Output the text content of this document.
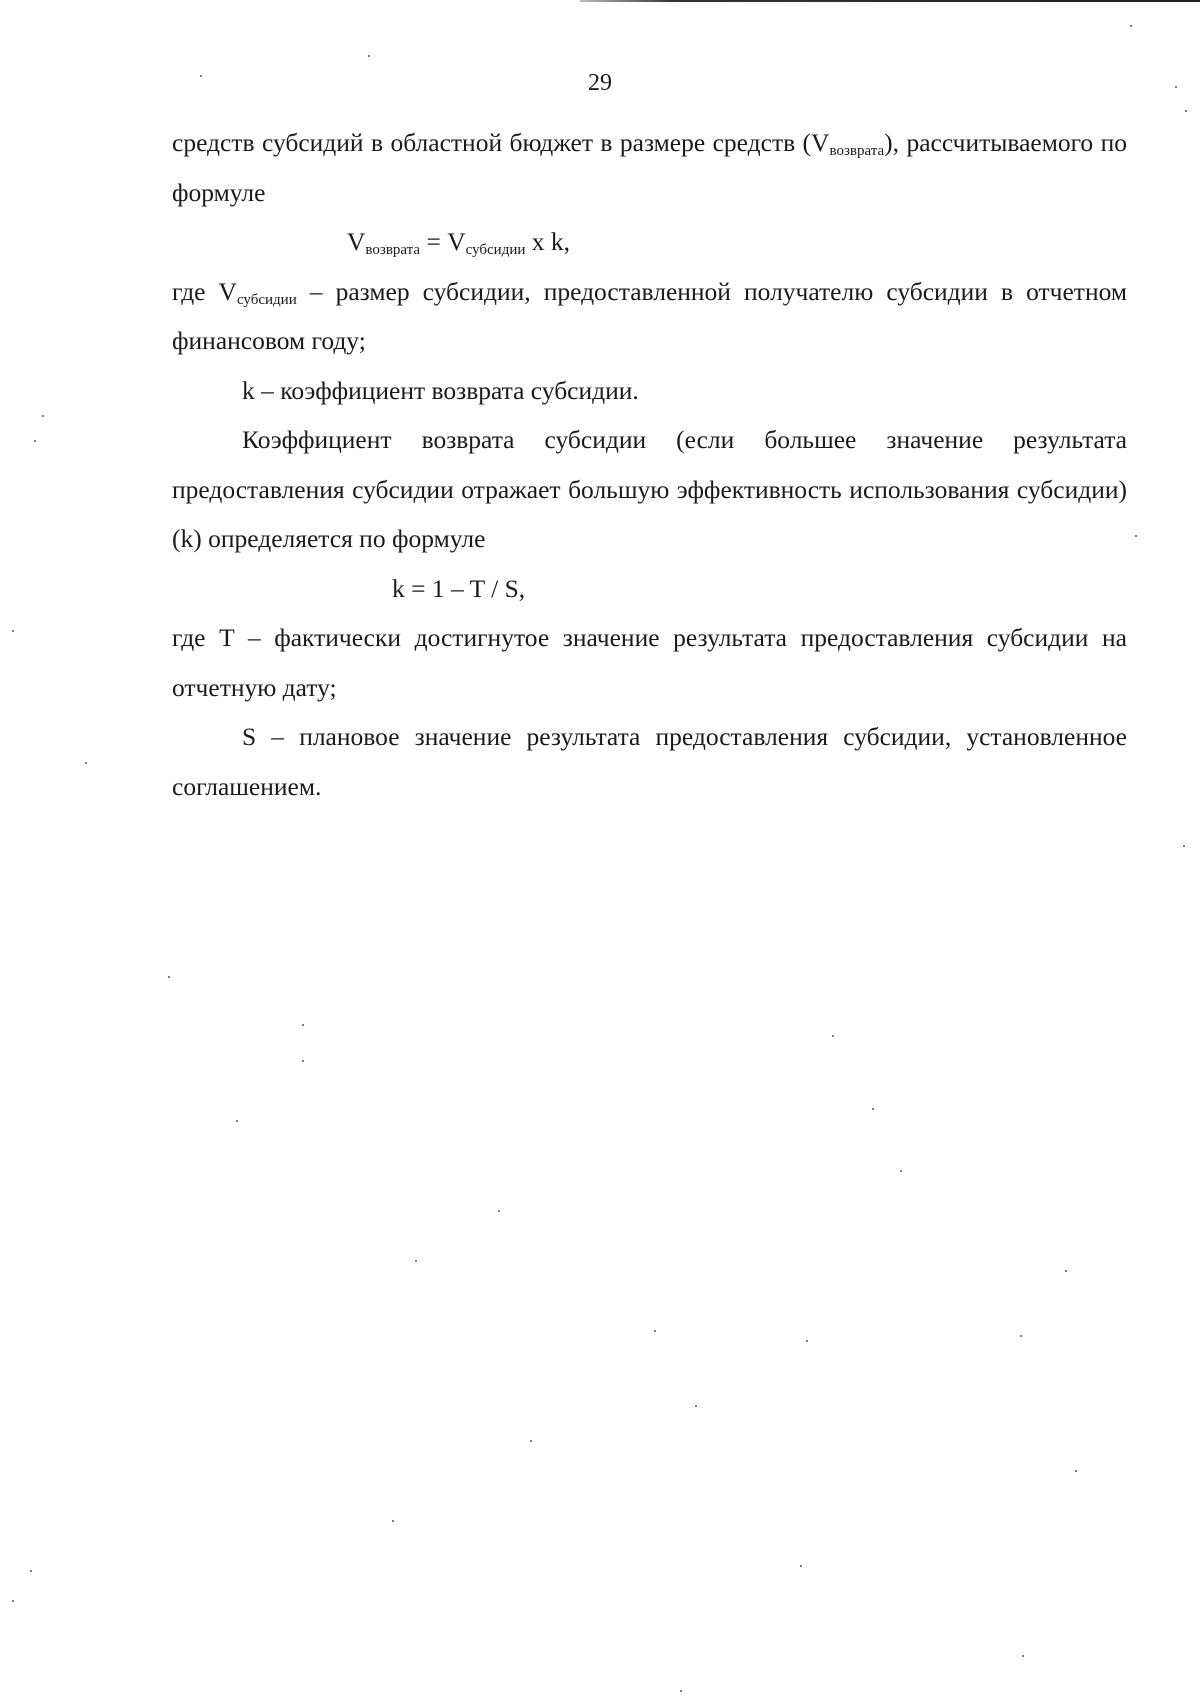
29

средств субсидий в областной бюджет в размере средств $(V_{возврата})$, рассчитываемого по формуле

$V_{возврата} = V_{субсидии}$ x k,

где $V_{субсидии}$ – размер субсидии, предоставленной получателю субсидии в отчетном финансовом году;

k – коэффициент возврата субсидии.

Коэффициент возврата субсидии (если большее значение результата предоставления субсидии отражает большую эффективность использования субсидии) (k) определяется по формуле

k = 1 – T / S,

где T – фактически достигнутое значение результата предоставления субсидии на отчетную дату;

S – плановое значение результата предоставления субсидии, установленное соглашением.
